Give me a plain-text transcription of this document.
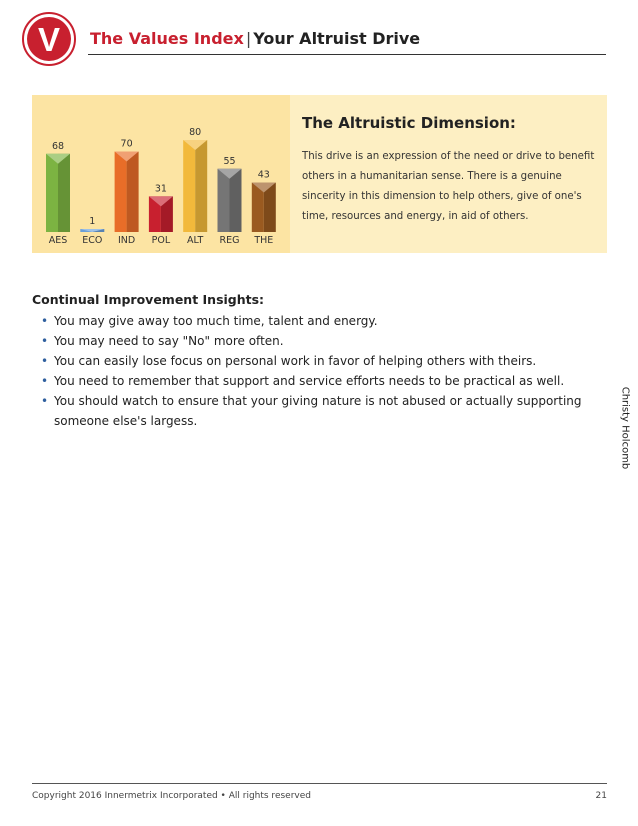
V The Values Index | Your Altruist Drive
68
AES
1
ECO
70
IND
31
POL
80
ALT
55
REG
43
THE
The Altruistic Dimension:
This drive is an expression of the need or drive to benefit others in a humanitarian sense. There is a genuine sincerity in this dimension to help others, give of one's time, resources and energy, in aid of others.
Continual Improvement Insights:
• You may give away too much time, talent and energy.
• You may need to say "No" more often.
• You can easily lose focus on personal work in favor of helping others with theirs.
• You need to remember that support and service efforts needs to be practical as well.
• You should watch to ensure that your giving nature is not abused or actually supporting someone else's largess.	Christy Holcomb
Copyright 2016 Innermetrix Incorporated • All rights reserved	21
